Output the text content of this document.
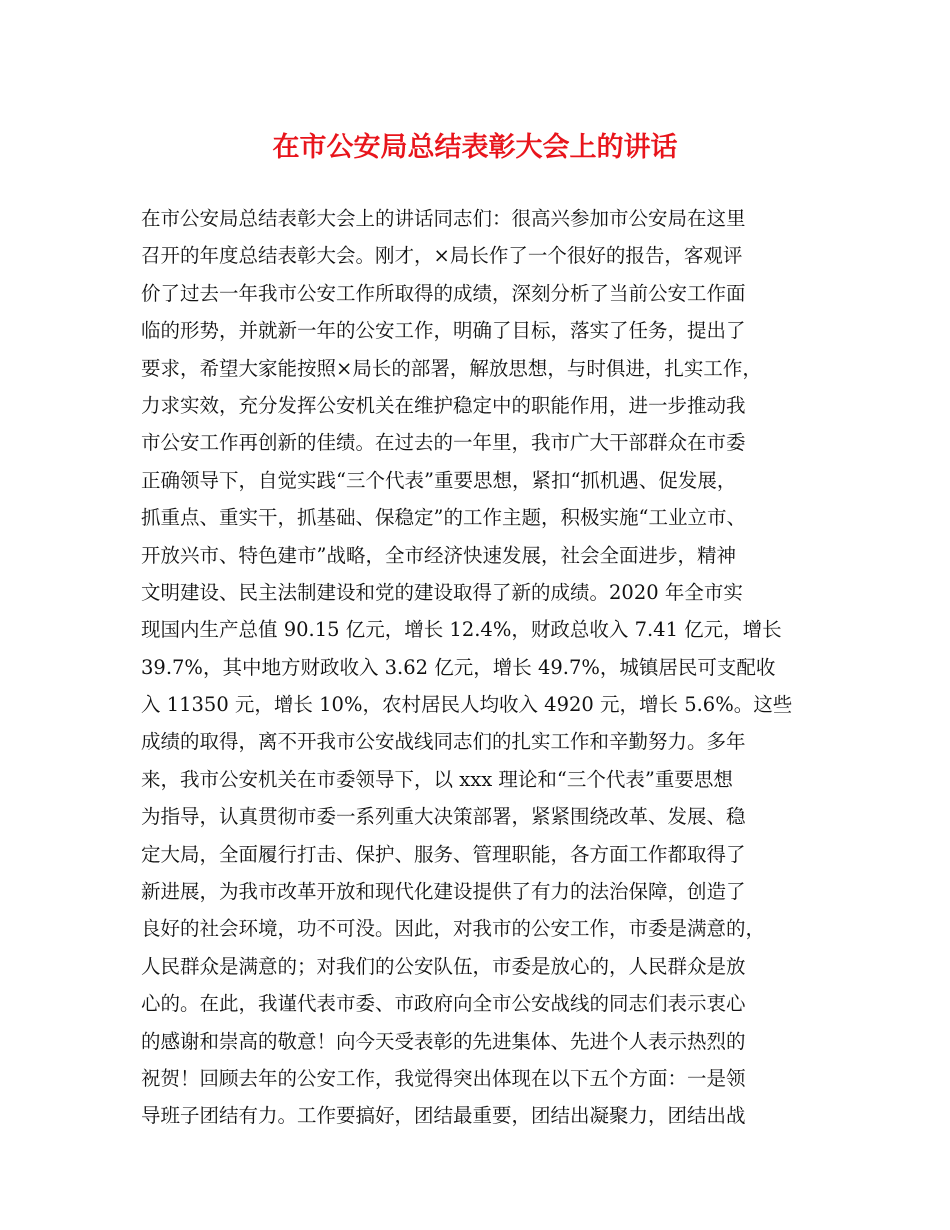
在市公安局总结表彰大会上的讲话
在市公安局总结表彰大会上的讲话同志们：很高兴参加市公安局在这里
召开的年度总结表彰大会。刚才，×局长作了一个很好的报告，客观评
价了过去一年我市公安工作所取得的成绩，深刻分析了当前公安工作面
临的形势，并就新一年的公安工作，明确了目标，落实了任务，提出了
要求，希望大家能按照×局长的部署，解放思想，与时俱进，扎实工作，
力求实效，充分发挥公安机关在维护稳定中的职能作用，进一步推动我
市公安工作再创新的佳绩。在过去的一年里，我市广大干部群众在市委
正确领导下，自觉实践“三个代表”重要思想，紧扣“抓机遇、促发展，
抓重点、重实干，抓基础、保稳定”的工作主题，积极实施“工业立市、
开放兴市、特色建市”战略，全市经济快速发展，社会全面进步，精神
文明建设、民主法制建设和党的建设取得了新的成绩。2020 年全市实
现国内生产总值 90.15 亿元，增长 12.4%，财政总收入 7.41 亿元，增长
39.7%，其中地方财政收入 3.62 亿元，增长 49.7%，城镇居民可支配收
入 11350 元，增长 10%，农村居民人均收入 4920 元，增长 5.6%。这些
成绩的取得，离不开我市公安战线同志们的扎实工作和辛勤努力。多年
来，我市公安机关在市委领导下，以 xxx 理论和“三个代表”重要思想
为指导，认真贯彻市委一系列重大决策部署，紧紧围绕改革、发展、稳
定大局，全面履行打击、保护、服务、管理职能，各方面工作都取得了
新进展，为我市改革开放和现代化建设提供了有力的法治保障，创造了
良好的社会环境，功不可没。因此，对我市的公安工作，市委是满意的，
人民群众是满意的；对我们的公安队伍，市委是放心的，人民群众是放
心的。在此，我谨代表市委、市政府向全市公安战线的同志们表示衷心
的感谢和崇高的敬意！向今天受表彰的先进集体、先进个人表示热烈的
祝贺！回顾去年的公安工作，我觉得突出体现在以下五个方面：一是领
导班子团结有力。工作要搞好，团结最重要，团结出凝聚力，团结出战
